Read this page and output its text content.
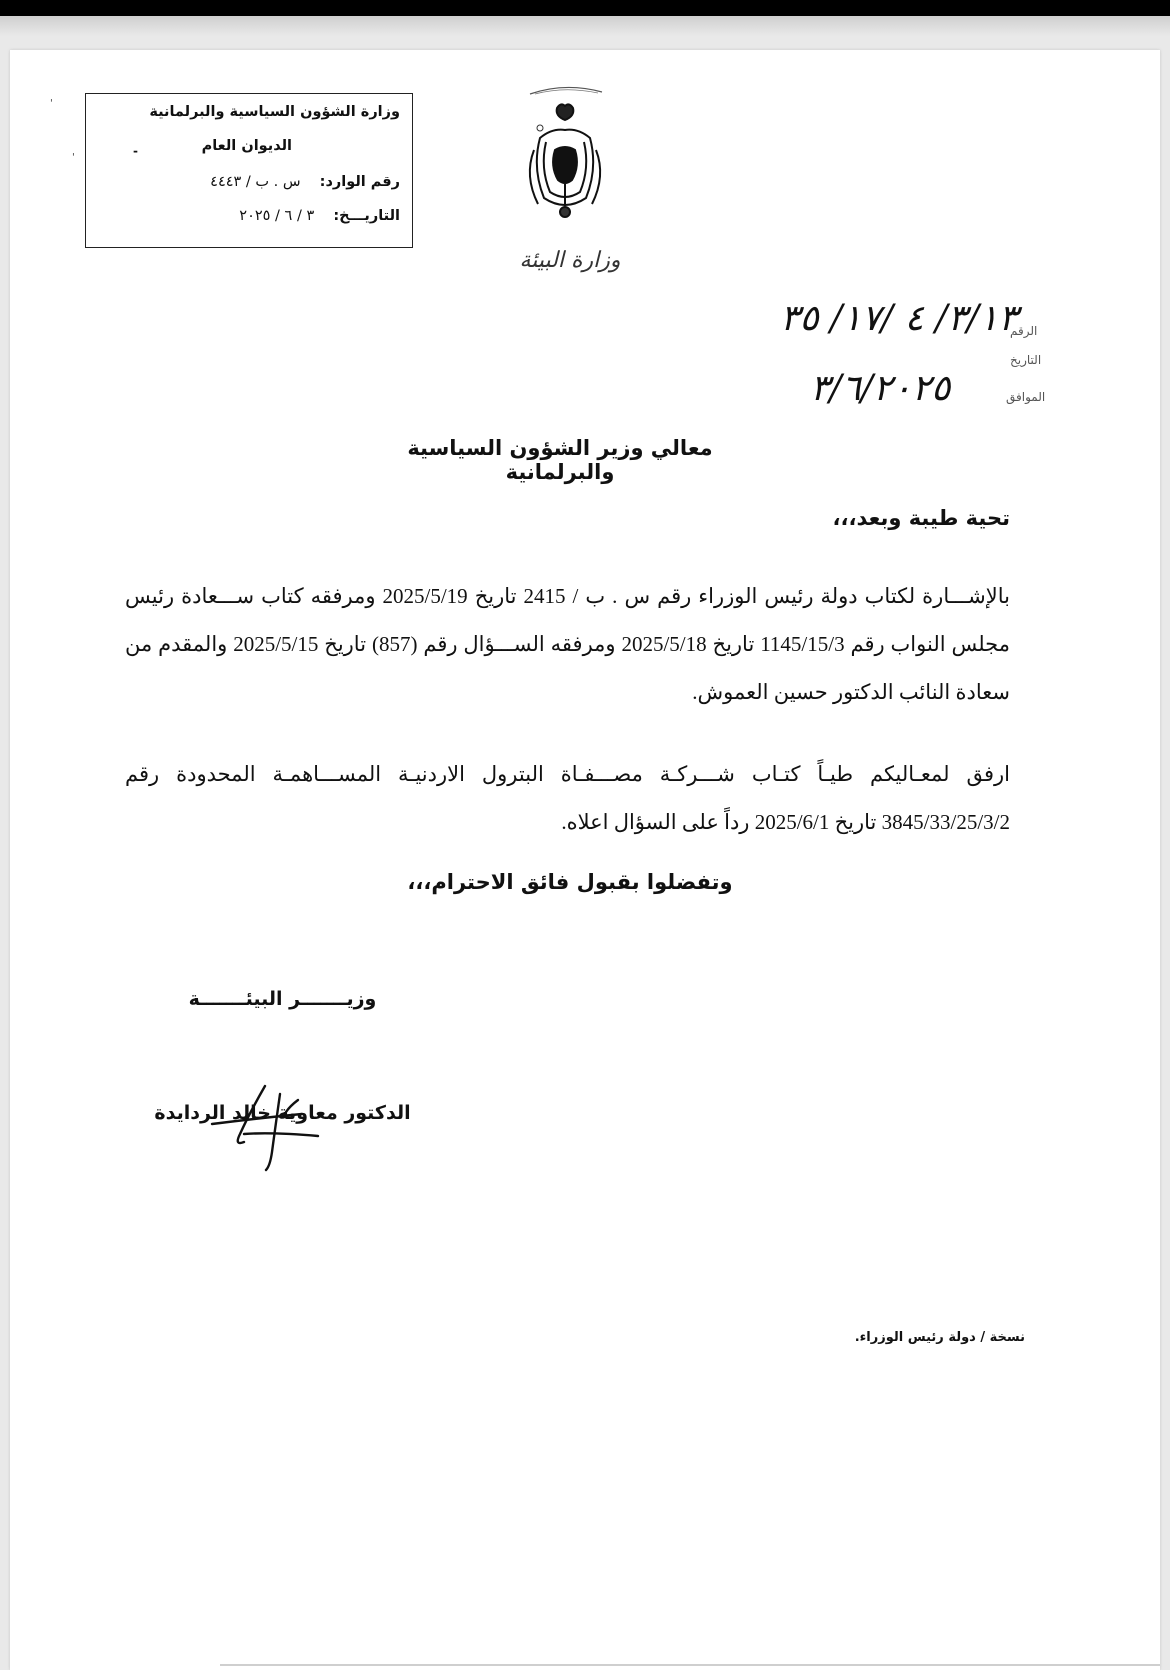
'
'
وزارة الشؤون السياسية والبرلمانية
الديوان العام
-
رقم الوارد: س . ب / ٤٤٤٣
التاريـــخ: ٣ / ٦ / ٢٠٢٥
وزارة البيئة
الرقم
٣/١٣/ ٤ /١٧/ ٣٥
التاريخ
الموافق
٣/٦/٢٠٢٥
معالي وزير الشؤون السياسية والبرلمانية
تحية طيبة وبعد،،،
بالإشـــارة لكتاب دولة رئيس الوزراء رقم س . ب / 2415 تاريخ 2025/5/19 ومرفقه كتاب ســـعادة رئيس مجلس النواب رقم 1145/15/3 تاريخ 2025/5/18 ومرفقه الســـؤال رقم (857) تاريخ 2025/5/15 والمقدم من سعادة النائب الدكتور حسين العموش.
ارفق لمعـاليكم طيـاً كتـاب شـــركـة مصـــفـاة البترول الاردنيـة المســـاهمـة المحدودة رقم 3845/33/25/3/2 تاريخ 2025/6/1 رداً على السؤال اعلاه.
وتفضلوا بقبول فائق الاحترام،،،
وزيـــــــر البيئـــــــة
الدكتور معاوية خالد الردايدة
نسخة / دولة رئيس الوزراء.
